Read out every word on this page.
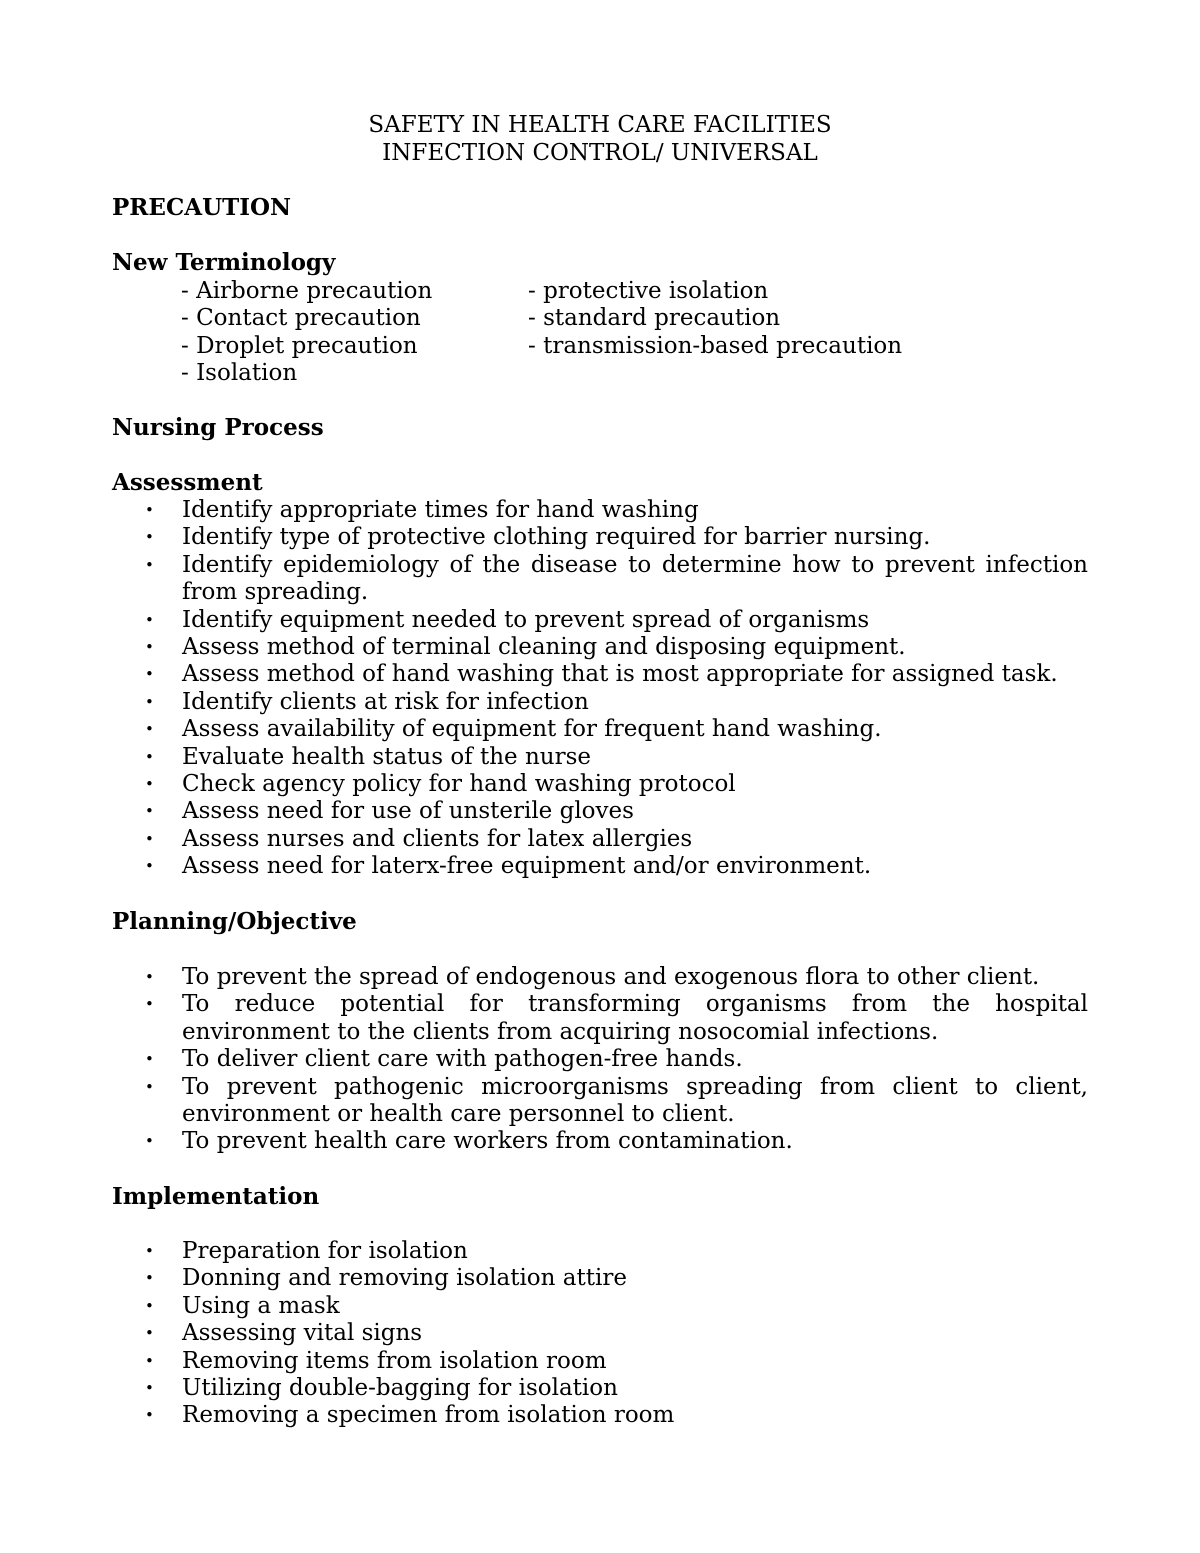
SAFETY IN HEALTH CARE FACILITIES
INFECTION CONTROL/ UNIVERSAL
PRECAUTION
New Terminology
- Airborne precaution
- Contact precaution
- Droplet precaution
- Isolation
- protective isolation
- standard precaution
- transmission-based precaution
Nursing Process
Assessment
• Identify appropriate times for hand washing
• Identify type of protective clothing required for barrier nursing.
• Identify epidemiology of the disease to determine how to prevent infection from spreading.
• Identify equipment needed to prevent spread of organisms
• Assess method of terminal cleaning and disposing equipment.
• Assess method of hand washing that is most appropriate for assigned task.
• Identify clients at risk for infection
• Assess availability of equipment for frequent hand washing.
• Evaluate health status of the nurse
• Check agency policy for hand washing protocol
• Assess need for use of unsterile gloves
• Assess nurses and clients for latex allergies
• Assess need for laterx-free equipment and/or environment.
Planning/Objective
• To prevent the spread of endogenous and exogenous flora to other client.
• To reduce potential for transforming organisms from the hospital environment to the clients from acquiring nosocomial infections.
• To deliver client care with pathogen-free hands.
• To prevent pathogenic microorganisms spreading from client to client, environment or health care personnel to client.
• To prevent health care workers from contamination.
Implementation
• Preparation for isolation
• Donning and removing isolation attire
• Using a mask
• Assessing vital signs
• Removing items from isolation room
• Utilizing double-bagging for isolation
• Removing a specimen from isolation room
